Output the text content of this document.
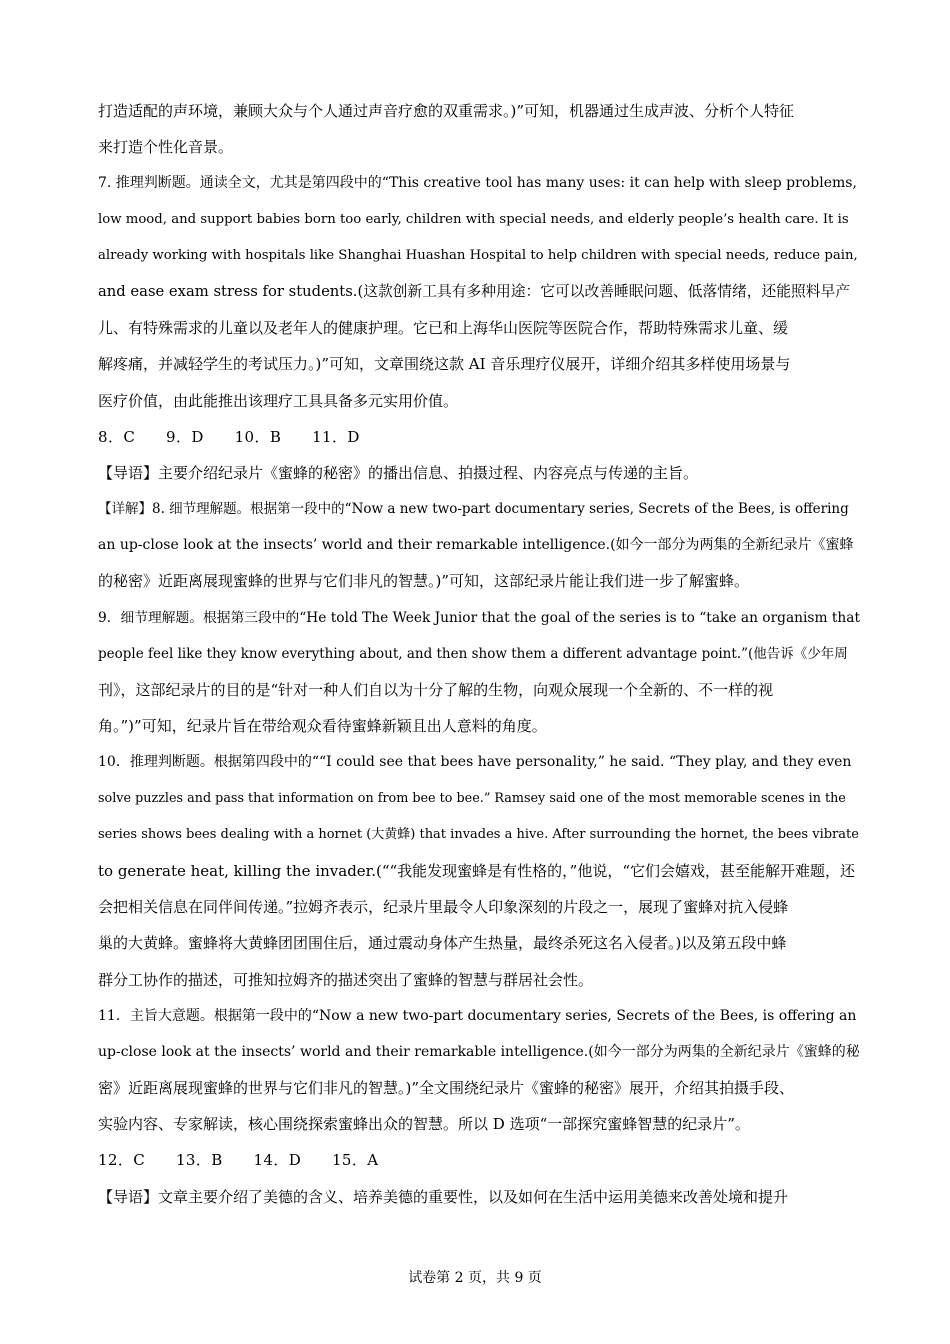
打造适配的声环境，兼顾大众与个人通过声音疗愈的双重需求。)”可知，机器通过生成声波、分析个人特征
来打造个性化音景。
7. 推理判断题。通读全文，尤其是第四段中的“This creative tool has many uses: it can help with sleep problems,
low mood, and support babies born too early, children with special needs, and elderly people’s health care. It is
already working with hospitals like Shanghai Huashan Hospital to help children with special needs, reduce pain,
and ease exam stress for students.(这款创新工具有多种用途：它可以改善睡眠问题、低落情绪，还能照料早产
儿、有特殊需求的儿童以及老年人的健康护理。它已和上海华山医院等医院合作，帮助特殊需求儿童、缓
解疼痛，并减轻学生的考试压力。)”可知，文章围绕这款 AI 音乐理疗仪展开，详细介绍其多样使用场景与
医疗价值，由此能推出该理疗工具具备多元实用价值。
8．C　　9．D　　10．B　　11．D
【导语】主要介绍纪录片《蜜蜂的秘密》的播出信息、拍摄过程、内容亮点与传递的主旨。
【详解】8. 细节理解题。根据第一段中的“Now a new two-part documentary series, Secrets of the Bees, is offering
an up-close look at the insects’ world and their remarkable intelligence.(如今一部分为两集的全新纪录片《蜜蜂
的秘密》近距离展现蜜蜂的世界与它们非凡的智慧。)”可知，这部纪录片能让我们进一步了解蜜蜂。
9．细节理解题。根据第三段中的“He told The Week Junior that the goal of the series is to “take an organism that
people feel like they know everything about, and then show them a different advantage point.”(他告诉《少年周
刊》，这部纪录片的目的是“针对一种人们自以为十分了解的生物，向观众展现一个全新的、不一样的视
角。”)”可知，纪录片旨在带给观众看待蜜蜂新颖且出人意料的角度。
10．推理判断题。根据第四段中的““I could see that bees have personality,” he said. “They play, and they even
solve puzzles and pass that information on from bee to bee.” Ramsey said one of the most memorable scenes in the
series shows bees dealing with a hornet (大黄蜂) that invades a hive. After surrounding the hornet, the bees vibrate
to generate heat, killing the invader.(““我能发现蜜蜂是有性格的，”他说，“它们会嬉戏，甚至能解开难题，还
会把相关信息在同伴间传递。”拉姆齐表示，纪录片里最令人印象深刻的片段之一，展现了蜜蜂对抗入侵蜂
巢的大黄蜂。蜜蜂将大黄蜂团团围住后，通过震动身体产生热量，最终杀死这名入侵者。)以及第五段中蜂
群分工协作的描述，可推知拉姆齐的描述突出了蜜蜂的智慧与群居社会性。
11．主旨大意题。根据第一段中的“Now a new two-part documentary series, Secrets of the Bees, is offering an
up-close look at the insects’ world and their remarkable intelligence.(如今一部分为两集的全新纪录片《蜜蜂的秘
密》近距离展现蜜蜂的世界与它们非凡的智慧。)”全文围绕纪录片《蜜蜂的秘密》展开，介绍其拍摄手段、
实验内容、专家解读，核心围绕探索蜜蜂出众的智慧。所以 D 选项“一部探究蜜蜂智慧的纪录片”。
12．C　　13．B　　14．D　　15．A
【导语】文章主要介绍了美德的含义、培养美德的重要性，以及如何在生活中运用美德来改善处境和提升
试卷第 2 页，共 9 页
